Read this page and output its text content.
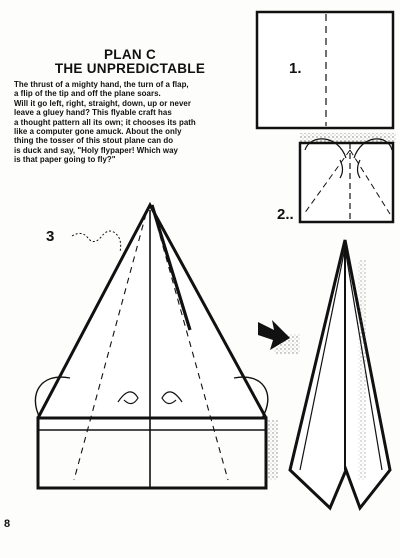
PLAN C
THE UNPREDICTABLE
The thrust of a mighty hand, the turn of a flap,
a flip of the tip and off the plane soars.
Will it go left, right, straight, down, up or never
leave a gluey hand? This flyable craft has
a thought pattern all its own; it chooses its path
like a computer gone amuck. About the only
thing the tosser of this stout plane can do
is duck and say, "Holy flypaper! Which way
is that paper going to fly?"
1.
2..
3
8
